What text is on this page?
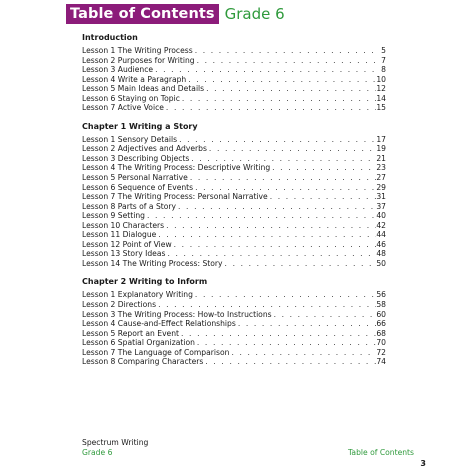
Table of Contents Grade 6
Introduction
Lesson 1 The Writing Process . . .	5
Lesson 2 Purposes for Writing . . .	7
Lesson 3 Audience . . .	8
Lesson 4 Write a Paragraph . . .	10
Lesson 5 Main Ideas and Details . . .	12
Lesson 6 Staying on Topic . . .	14
Lesson 7 Active Voice . . .	15
Chapter 1 Writing a Story
Lesson 1 Sensory Details . . .	17
Lesson 2 Adjectives and Adverbs . . .	19
Lesson 3 Describing Objects . . .	21
Lesson 4 The Writing Process: Descriptive Writing . . .	23
Lesson 5 Personal Narrative . . .	27
Lesson 6 Sequence of Events . . .	29
Lesson 7 The Writing Process: Personal Narrative . . .	31
Lesson 8 Parts of a Story . . .	37
Lesson 9 Setting . . .	40
Lesson 10 Characters . . .	42
Lesson 11 Dialogue . . .	44
Lesson 12 Point of View . . .	46
Lesson 13 Story Ideas . . .	48
Lesson 14 The Writing Process: Story . . .	50
Chapter 2 Writing to Inform
Lesson 1 Explanatory Writing . . .	56
Lesson 2 Directions . . .	58
Lesson 3 The Writing Process: How-to Instructions . . .	60
Lesson 4 Cause-and-Effect Relationships . . .	66
Lesson 5 Report an Event . . .	68
Lesson 6 Spatial Organization . . .	70
Lesson 7 The Language of Comparison . . .	72
Lesson 8 Comparing Characters . . .	74
Spectrum Writing
Grade 6	Table of Contents
3
